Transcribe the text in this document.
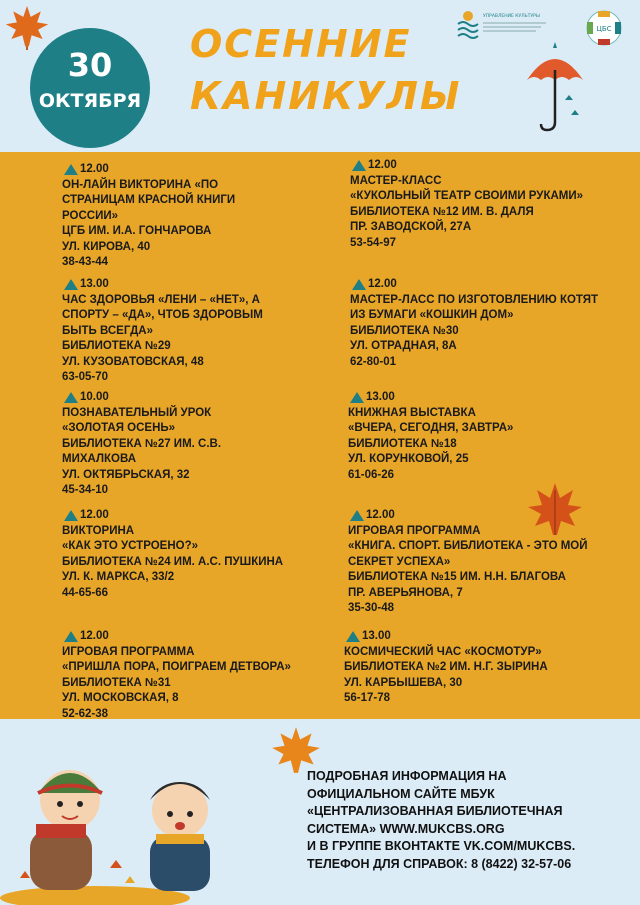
30
ОКТЯБРЯ
ОСЕННИЕ
КАНИКУЛЫ
УПРАВЛЕНИЕ КУЛЬТУРЫ
ЦБС
12.00
ОН-ЛАЙН ВИКТОРИНА «ПО
СТРАНИЦАМ КРАСНОЙ КНИГИ
РОССИИ»
ЦГБ ИМ. И.А. ГОНЧАРОВА
УЛ. КИРОВА, 40
38-43-44
13.00
ЧАС ЗДОРОВЬЯ «ЛЕНИ – «НЕТ», А
СПОРТУ – «ДА», ЧТОБ ЗДОРОВЫМ
БЫТЬ ВСЕГДА»
БИБЛИОТЕКА №29
УЛ. КУЗОВАТОВСКАЯ, 48
63-05-70
10.00
ПОЗНАВАТЕЛЬНЫЙ УРОК
«ЗОЛОТАЯ ОСЕНЬ»
БИБЛИОТЕКА №27 ИМ. С.В.
МИХАЛКОВА
УЛ. ОКТЯБРЬСКАЯ, 32
45-34-10
12.00
ВИКТОРИНА
«КАК ЭТО УСТРОЕНО?»
БИБЛИОТЕКА №24 ИМ. А.С. ПУШКИНА
УЛ. К. МАРКСА, 33/2
44-65-66
12.00
ИГРОВАЯ ПРОГРАММА
«ПРИШЛА ПОРА, ПОИГРАЕМ ДЕТВОРА»
БИБЛИОТЕКА №31
УЛ. МОСКОВСКАЯ, 8
52-62-38
12.00
МАСТЕР-КЛАСС
«КУКОЛЬНЫЙ ТЕАТР СВОИМИ РУКАМИ»
БИБЛИОТЕКА №12 ИМ. В. ДАЛЯ
ПР. ЗАВОДСКОЙ, 27А
53-54-97
12.00
МАСТЕР-ЛАСС ПО ИЗГОТОВЛЕНИЮ КОТЯТ
ИЗ БУМАГИ «КОШКИН ДОМ»
БИБЛИОТЕКА №30
УЛ. ОТРАДНАЯ, 8А
62-80-01
13.00
КНИЖНАЯ ВЫСТАВКА
«ВЧЕРА, СЕГОДНЯ, ЗАВТРА»
БИБЛИОТЕКА №18
УЛ. КОРУНКОВОЙ, 25
61-06-26
12.00
ИГРОВАЯ ПРОГРАММА
«КНИГА. СПОРТ. БИБЛИОТЕКА - ЭТО МОЙ
СЕКРЕТ УСПЕХА»
БИБЛИОТЕКА №15 ИМ. Н.Н. БЛАГОВА
ПР. АВЕРЬЯНОВА, 7
35-30-48
13.00
КОСМИЧЕСКИЙ ЧАС «КОСМОТУР»
БИБЛИОТЕКА №2 ИМ. Н.Г. ЗЫРИНА
УЛ. КАРБЫШЕВА, 30
56-17-78
ПОДРОБНАЯ ИНФОРМАЦИЯ НА
ОФИЦИАЛЬНОМ САЙТЕ МБУК
«ЦЕНТРАЛИЗОВАННАЯ БИБЛИОТЕЧНАЯ
СИСТЕМА» WWW.MUKCBS.ORG
И В ГРУППЕ ВКОНТАКТЕ VK.COM/MUKCBS.
ТЕЛЕФОН ДЛЯ СПРАВОК: 8 (8422) 32-57-06
